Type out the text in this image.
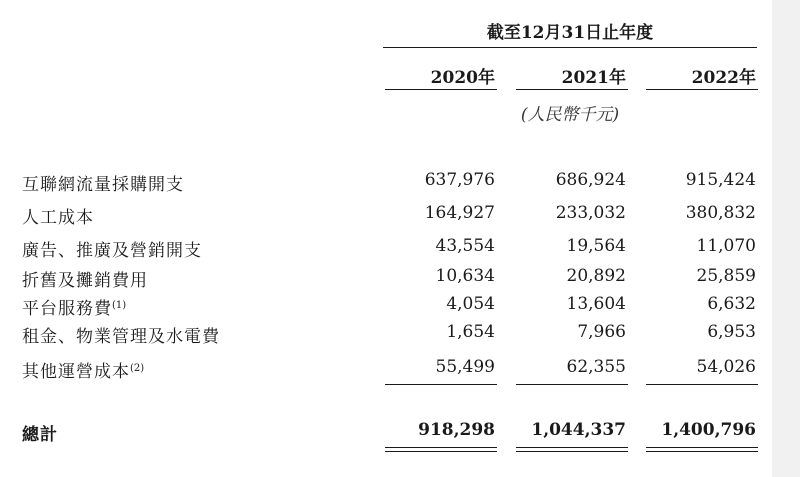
截至12月31日止年度
2020年	2021年	2022年
(人民幣千元)
互聯網流量採購開支	637,976	686,924	915,424
人工成本	164,927	233,032	380,832
廣告、推廣及營銷開支	43,554	19,564	11,070
折舊及攤銷費用	10,634	20,892	25,859
平台服務費$^{(1)}$	4,054	13,604	6,632
租金、物業管理及水電費	1,654	7,966	6,953
其他運營成本$^{(2)}$	55,499	62,355	54,026
總計	918,298	1,044,337	1,400,796
